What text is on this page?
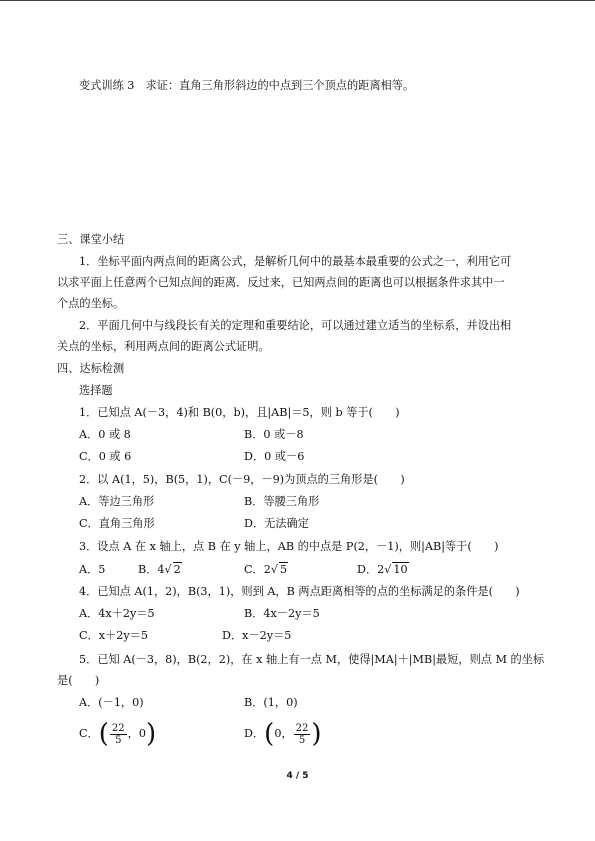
变式训练 3　求证：直角三角形斜边的中点到三个顶点的距离相等。
三、课堂小结
1．坐标平面内两点间的距离公式，是解析几何中的最基本最重要的公式之一，利用它可
以求平面上任意两个已知点间的距离．反过来，已知两点间的距离也可以根据条件求其中一
个点的坐标。
2．平面几何中与线段长有关的定理和重要结论，可以通过建立适当的坐标系，并设出相
关点的坐标，利用两点间的距离公式证明。
四、达标检测
选择题
1．已知点 A(－3，4)和 B(0，b)，且|AB|＝5，则 b 等于(　　)
A．0 或 8	B．0 或－8
C．0 或 6	D．0 或－6
2．以 A(1，5)，B(5，1)，C(－9，－9)为顶点的三角形是(　　)
A．等边三角形	B．等腰三角形
C．直角三角形	D．无法确定
3．设点 A 在 x 轴上，点 B 在 y 轴上，AB 的中点是 P(2，－1)，则|AB|等于(　　)
A．5	B．4√ 2	C．2√ 5	D．2√ 10
4．已知点 A(1，2)，B(3，1)，则到 A，B 两点距离相等的点的坐标满足的条件是(　　)
A．4x＋2y＝5	B．4x－2y＝5
C．x＋2y＝5	D．x－2y＝5
5．已知 A(－3，8)，B(2，2)，在 x 轴上有一点 M，使得|MA|＋|MB|最短，则点 M 的坐标
是(　　)
A．(－1，0)	B．(1，0)
C．( $\frac{22}{5}$ ，0)	D．(0， $\frac{22}{5}$ )
4 / 5
